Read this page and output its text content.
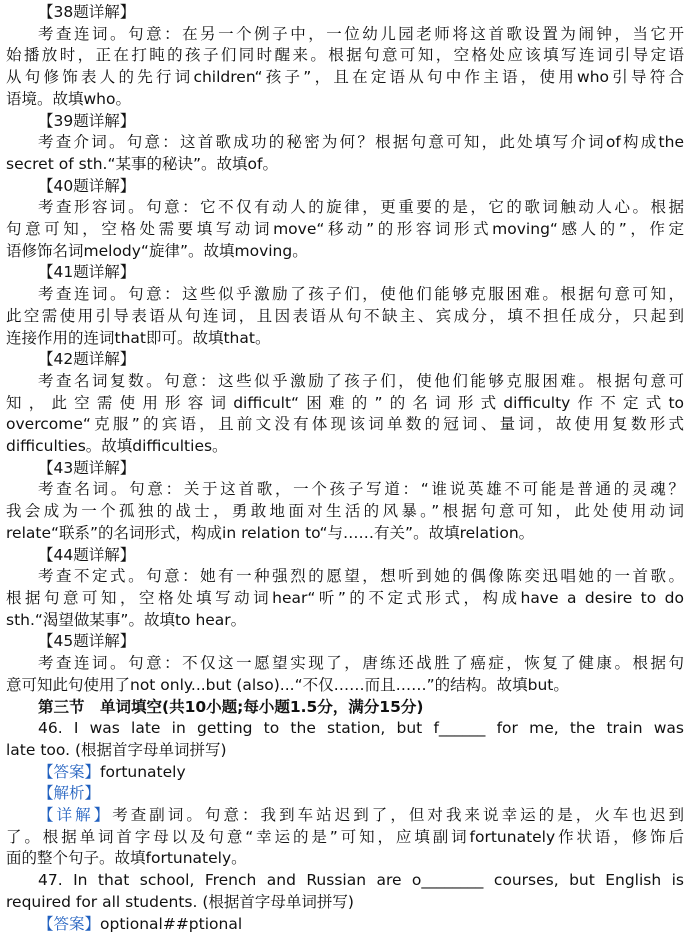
【38题详解】
考查连词。句意：在另一个例子中，一位幼儿园老师将这首歌设置为闹钟，当它开
始播放时，正在打盹的孩子们同时醒来。根据句意可知，空格处应该填写连词引导定语
从句修饰表人的先行词children“孩子”，且在定语从句中作主语，使用who引导符合
语境。故填who。
【39题详解】
考查介词。句意：这首歌成功的秘密为何？根据句意可知，此处填写介词of构成the
secret of sth.“某事的秘诀”。故填of。
【40题详解】
考查形容词。句意：它不仅有动人的旋律，更重要的是，它的歌词触动人心。根据
句意可知，空格处需要填写动词move“移动”的形容词形式moving“感人的”，作定
语修饰名词melody“旋律”。故填moving。
【41题详解】
考查连词。句意：这些似乎激励了孩子们，使他们能够克服困难。根据句意可知，
此空需使用引导表语从句连词，且因表语从句不缺主、宾成分，填不担任成分，只起到
连接作用的连词that即可。故填that。
【42题详解】
考查名词复数。句意：这些似乎激励了孩子们，使他们能够克服困难。根据句意可
知，此空需使用形容词difficult“困难的”的名词形式difficulty作不定式to
overcome“克服”的宾语，且前文没有体现该词单数的冠词、量词，故使用复数形式
difficulties。故填difficulties。
【43题详解】
考查名词。句意：关于这首歌，一个孩子写道：“谁说英雄不可能是普通的灵魂？
我会成为一个孤独的战士，勇敢地面对生活的风暴。”根据句意可知，此处使用动词
relate“联系”的名词形式，构成in relation to“与……有关”。故填relation。
【44题详解】
考查不定式。句意：她有一种强烈的愿望，想听到她的偶像陈奕迅唱她的一首歌。
根据句意可知，空格处填写动词hear“听”的不定式形式，构成have a desire to do
sth.“渴望做某事”。故填to hear。
【45题详解】
考查连词。句意：不仅这一愿望实现了，唐练还战胜了癌症，恢复了健康。根据句
意可知此句使用了not only...but (also)...“不仅……而且……”的结构。故填but。
第三节　单词填空(共10小题;每小题1.5分，满分15分)
46. I was late in getting to the station, but f______ for me, the train was
late too. (根据首字母单词拼写)
【答案】fortunately
【解析】
【详解】考查副词。句意：我到车站迟到了，但对我来说幸运的是，火车也迟到
了。根据单词首字母以及句意“幸运的是”可知，应填副词fortunately作状语，修饰后
面的整个句子。故填fortunately。
47. In that school, French and Russian are o________ courses, but English is
required for all students. (根据首字母单词拼写)
【答案】optional##ptional
